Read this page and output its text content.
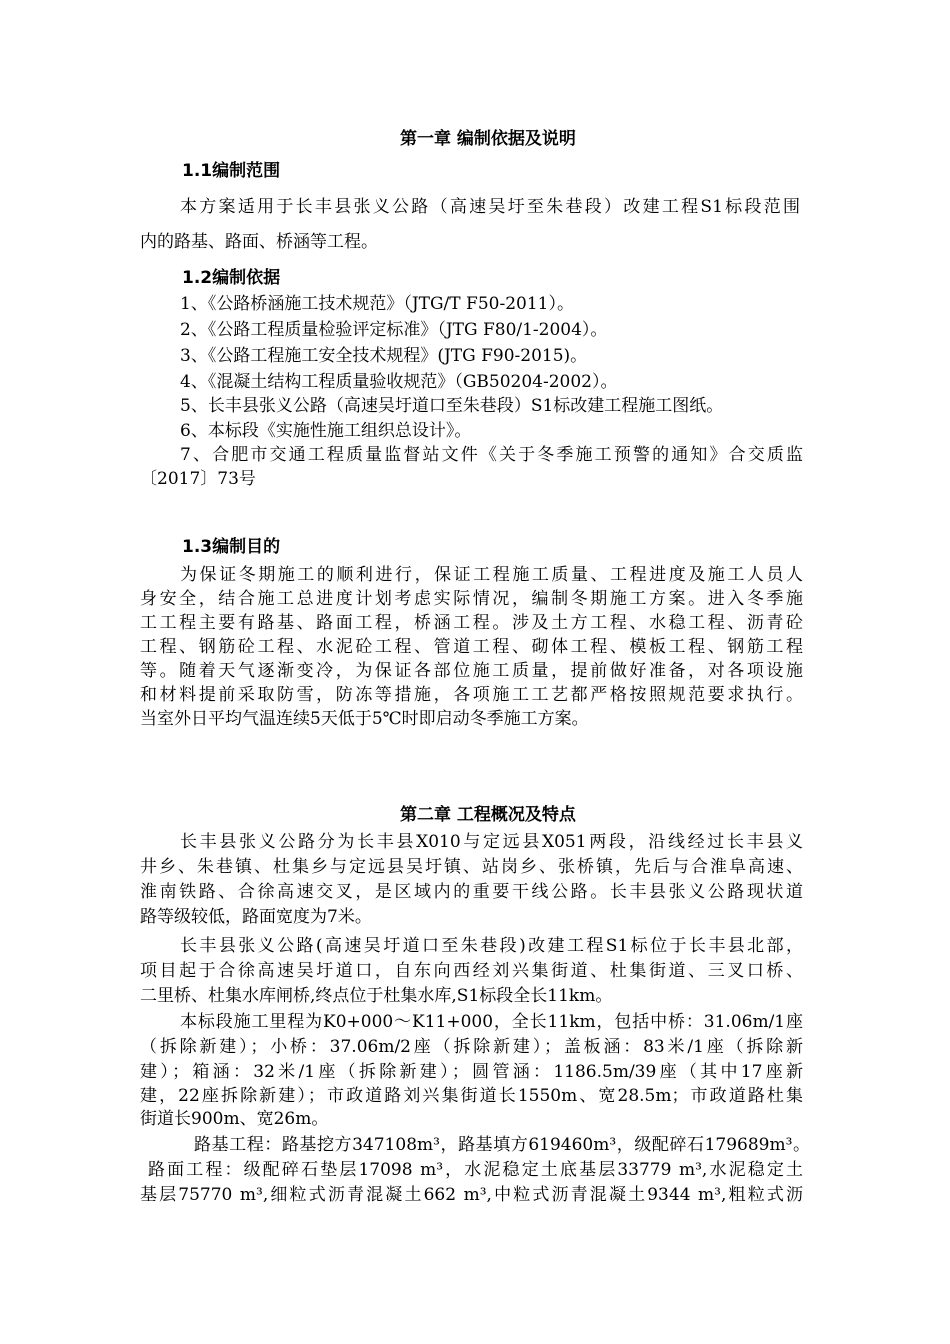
第一章 编制依据及说明
1.1编制范围
本方案适用于长丰县张义公路（高速吴圩至朱巷段）改建工程S1标段范围
内的路基、路面、桥涵等工程。
1.2编制依据
1、《公路桥涵施工技术规范》（JTG/T F50-2011）。
2、《公路工程质量检验评定标准》（JTG F80/1-2004）。
3、《公路工程施工安全技术规程》(JTG F90-2015)。
4、《混凝土结构工程质量验收规范》（GB50204-2002）。
5、长丰县张义公路（高速吴圩道口至朱巷段）S1标改建工程施工图纸。
6、本标段《实施性施工组织总设计》。
7、合肥市交通工程质量监督站文件《关于冬季施工预警的通知》合交质监
〔2017〕73号
1.3编制目的
为保证冬期施工的顺利进行，保证工程施工质量、工程进度及施工人员人
身安全，结合施工总进度计划考虑实际情况，编制冬期施工方案。进入冬季施
工工程主要有路基、路面工程，桥涵工程。涉及土方工程、水稳工程、沥青砼
工程、钢筋砼工程、水泥砼工程、管道工程、砌体工程、模板工程、钢筋工程
等。随着天气逐渐变冷，为保证各部位施工质量，提前做好准备，对各项设施
和材料提前采取防雪，防冻等措施，各项施工工艺都严格按照规范要求执行。
当室外日平均气温连续5天低于5℃时即启动冬季施工方案。
第二章 工程概况及特点
长丰县张义公路分为长丰县X010与定远县X051两段，沿线经过长丰县义
井乡、朱巷镇、杜集乡与定远县吴圩镇、站岗乡、张桥镇，先后与合淮阜高速、
淮南铁路、合徐高速交叉，是区域内的重要干线公路。长丰县张义公路现状道
路等级较低，路面宽度为7米。
长丰县张义公路(高速吴圩道口至朱巷段)改建工程S1标位于长丰县北部，
项目起于合徐高速吴圩道口，自东向西经刘兴集街道、杜集街道、三叉口桥、
二里桥、杜集水库闸桥,终点位于杜集水库,S1标段全长11km。
本标段施工里程为K0+000～K11+000，全长11km，包括中桥：31.06m/1座
（拆除新建）；小桥：37.06m/2座（拆除新建）；盖板涵：83米/1座（拆除新
建）；箱涵：32米/1座（拆除新建）；圆管涵：1186.5m/39座（其中17座新
建，22座拆除新建）；市政道路刘兴集街道长1550m、宽28.5m；市政道路杜集
街道长900m、宽26m。
路基工程：路基挖方347108m³，路基填方619460m³，级配碎石179689m³。
路面工程：级配碎石垫层17098 m³，水泥稳定土底基层33779 m³,水泥稳定土
基层75770 m³,细粒式沥青混凝土662 m³,中粒式沥青混凝土9344 m³,粗粒式沥
